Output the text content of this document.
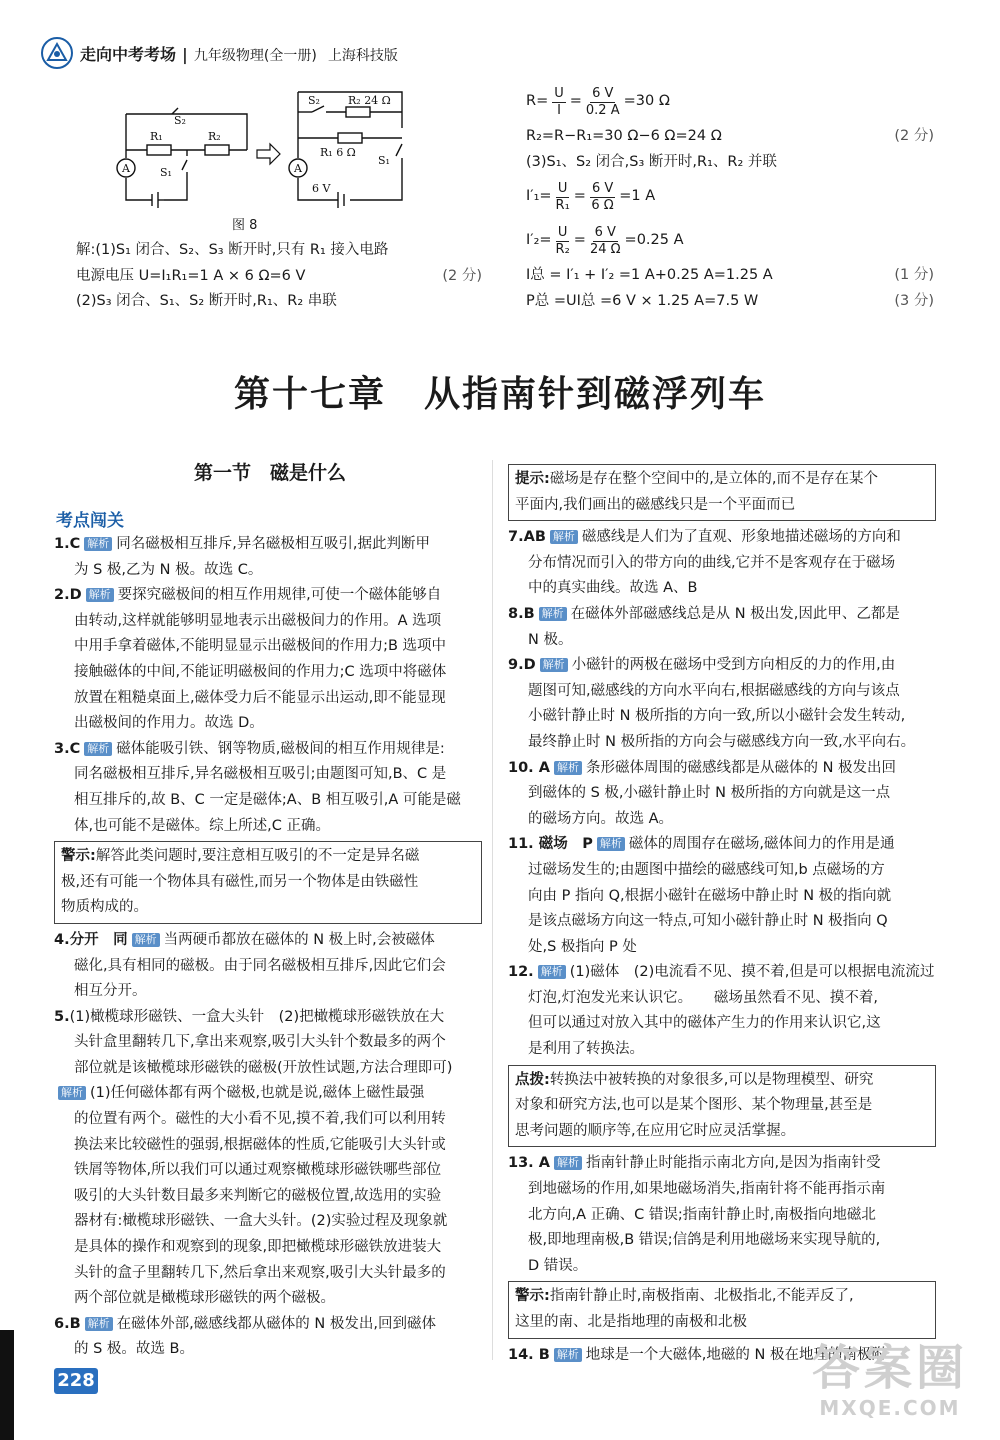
走向中考考场 | 九年级物理(全一册) 上海科技版
A
R₁
S₂
R₂
S₁	A
S₂	R₂ 24 Ω
R₁ 6 Ω
S₁
6 V
图 8
解:(1)S₁ 闭合、S₂、S₃ 断开时,只有 R₁ 接入电路
电源电压 U=I₁R₁=1 A × 6 Ω=6 V	(2 分)
(2)S₃ 闭合、S₁、S₂ 断开时,R₁、R₂ 串联
$R= \frac{U}{I} = \frac{6 V}{0.2 A} =30$ Ω
R₂=R−R₁=30 Ω−6 Ω=24 Ω	(2 分)
(3)S₁、S₂ 闭合,S₃ 断开时,R₁、R₂ 并联
$I'_1= \frac{U}{\text{R₁}} = \frac{6 V}{6 \Omega} =1$ A
$I'_2= \frac{U}{\text{R₂}} = \frac{6 V}{24 \Omega} =0.25$ A
I总 = I′₁ + I′₂ =1 A+0.25 A=1.25 A	(1 分)
P总 =UI总 =6 V × 1.25 A=7.5 W	(3 分)
第十七章　从指南针到磁浮列车
第一节　磁是什么
考点闯关
1.C 解析 同名磁极相互排斥,异名磁极相互吸引,据此判断甲
为 S 极,乙为 N 极。故选 C。
2.D 解析 要探究磁极间的相互作用规律,可使一个磁体能够自
由转动,这样就能够明显地表示出磁极间力的作用。A 选项
中用手拿着磁体,不能明显显示出磁极间的作用力;B 选项中
接触磁体的中间,不能证明磁极间的作用力;C 选项中将磁体
放置在粗糙桌面上,磁体受力后不能显示出运动,即不能显现
出磁极间的作用力。故选 D。
3.C 解析 磁体能吸引铁、钢等物质,磁极间的相互作用规律是:
同名磁极相互排斥,异名磁极相互吸引;由题图可知,B、C 是
相互排斥的,故 B、C 一定是磁体;A、B 相互吸引,A 可能是磁
体,也可能不是磁体。综上所述,C 正确。
警示:解答此类问题时,要注意相互吸引的不一定是异名磁
极,还有可能一个物体具有磁性,而另一个物体是由铁磁性
物质构成的。
4.分开　同 解析 当两硬币都放在磁体的 N 极上时,会被磁体
磁化,具有相同的磁极。由于同名磁极相互排斥,因此它们会
相互分开。
5.(1)橄榄球形磁铁、一盒大头针　(2)把橄榄球形磁铁放在大
头针盒里翻转几下,拿出来观察,吸引大头针个数最多的两个
部位就是该橄榄球形磁铁的磁极(开放性试题,方法合理即可)
解析 (1)任何磁体都有两个磁极,也就是说,磁体上磁性最强
的位置有两个。磁性的大小看不见,摸不着,我们可以利用转
换法来比较磁性的强弱,根据磁体的性质,它能吸引大头针或
铁屑等物体,所以我们可以通过观察橄榄球形磁铁哪些部位
吸引的大头针数目最多来判断它的磁极位置,故选用的实验
器材有:橄榄球形磁铁、一盒大头针。(2)实验过程及现象就
是具体的操作和观察到的现象,即把橄榄球形磁铁放进装大
头针的盒子里翻转几下,然后拿出来观察,吸引大头针最多的
两个部位就是橄榄球形磁铁的两个磁极。
6.B 解析 在磁体外部,磁感线都从磁体的 N 极发出,回到磁体
的 S 极。故选 B。
提示:磁场是存在整个空间中的,是立体的,而不是存在某个
平面内,我们画出的磁感线只是一个平面而已
7.AB 解析 磁感线是人们为了直观、形象地描述磁场的方向和
分布情况而引入的带方向的曲线,它并不是客观存在于磁场
中的真实曲线。故选 A、B
8.B 解析 在磁体外部磁感线总是从 N 极出发,因此甲、乙都是
N 极。
9.D 解析 小磁针的两极在磁场中受到方向相反的力的作用,由
题图可知,磁感线的方向水平向右,根据磁感线的方向与该点
小磁针静止时 N 极所指的方向一致,所以小磁针会发生转动,
最终静止时 N 极所指的方向会与磁感线方向一致,水平向右。
10. A 解析 条形磁体周围的磁感线都是从磁体的 N 极发出回
到磁体的 S 极,小磁针静止时 N 极所指的方向就是这一点
的磁场方向。故选 A。
11. 磁场　P 解析 磁体的周围存在磁场,磁体间力的作用是通
过磁场发生的;由题图中描绘的磁感线可知,b 点磁场的方
向由 P 指向 Q,根据小磁针在磁场中静止时 N 极的指向就
是该点磁场方向这一特点,可知小磁针静止时 N 极指向 Q
处,S 极指向 P 处
12. 解析 (1)磁体　(2)电流看不见、摸不着,但是可以根据电流流过
灯泡,灯泡发光来认识它。　　磁场虽然看不见、摸不着,
但可以通过对放入其中的磁体产生力的作用来认识它,这
是利用了转换法。
点拨:转换法中被转换的对象很多,可以是物理模型、研究
对象和研究方法,也可以是某个图形、某个物理量,甚至是
思考问题的顺序等,在应用它时应灵活掌握。
13. A 解析 指南针静止时能指示南北方向,是因为指南针受
到地磁场的作用,如果地磁场消失,指南针将不能再指示南
北方向,A 正确、C 错误;指南针静止时,南极指向地磁北
极,即地理南极,B 错误;信鸽是利用地磁场来实现导航的,
D 错误。
警示:指南针静止时,南极指南、北极指北,不能弄反了,
这里的南、北是指地理的南极和北极
14. B 解析 地球是一个大磁体,地磁的 N 极在地理的南极附
228	答案圈
MXQE.COM
